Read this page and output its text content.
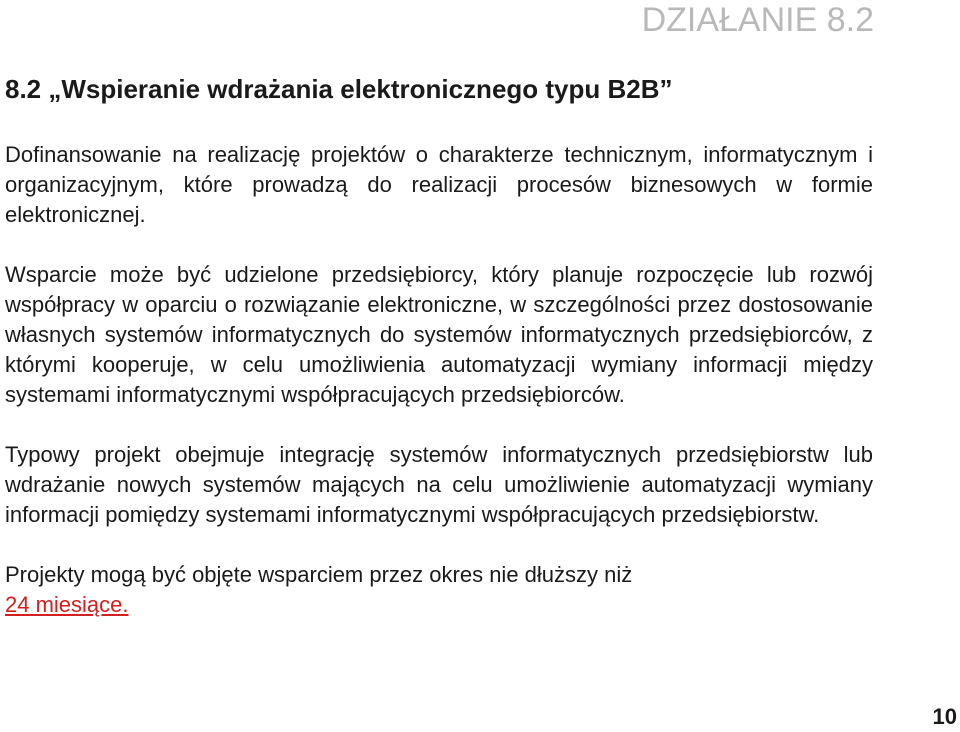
DZIAŁANIE 8.2
8.2 „Wspieranie wdrażania elektronicznego typu B2B”

Dofinansowanie na realizację projektów o charakterze technicznym, informatycznym i organizacyjnym, które prowadzą do realizacji procesów biznesowych w formie elektronicznej.

Wsparcie może być udzielone przedsiębiorcy, który planuje rozpoczęcie lub rozwój współpracy w oparciu o rozwiązanie elektroniczne, w szczególności przez dostosowanie własnych systemów informatycznych do systemów informatycznych przedsiębiorców, z którymi kooperuje, w celu umożliwienia automatyzacji wymiany informacji między systemami informatycznymi współpracujących przedsiębiorców.

Typowy projekt obejmuje integrację systemów informatycznych przedsiębiorstw lub wdrażanie nowych systemów mających na celu umożliwienie automatyzacji wymiany informacji pomiędzy systemami informatycznymi współpracujących przedsiębiorstw.

Projekty mogą być objęte wsparciem przez okres nie dłuższy niż
24 miesiące.

10
